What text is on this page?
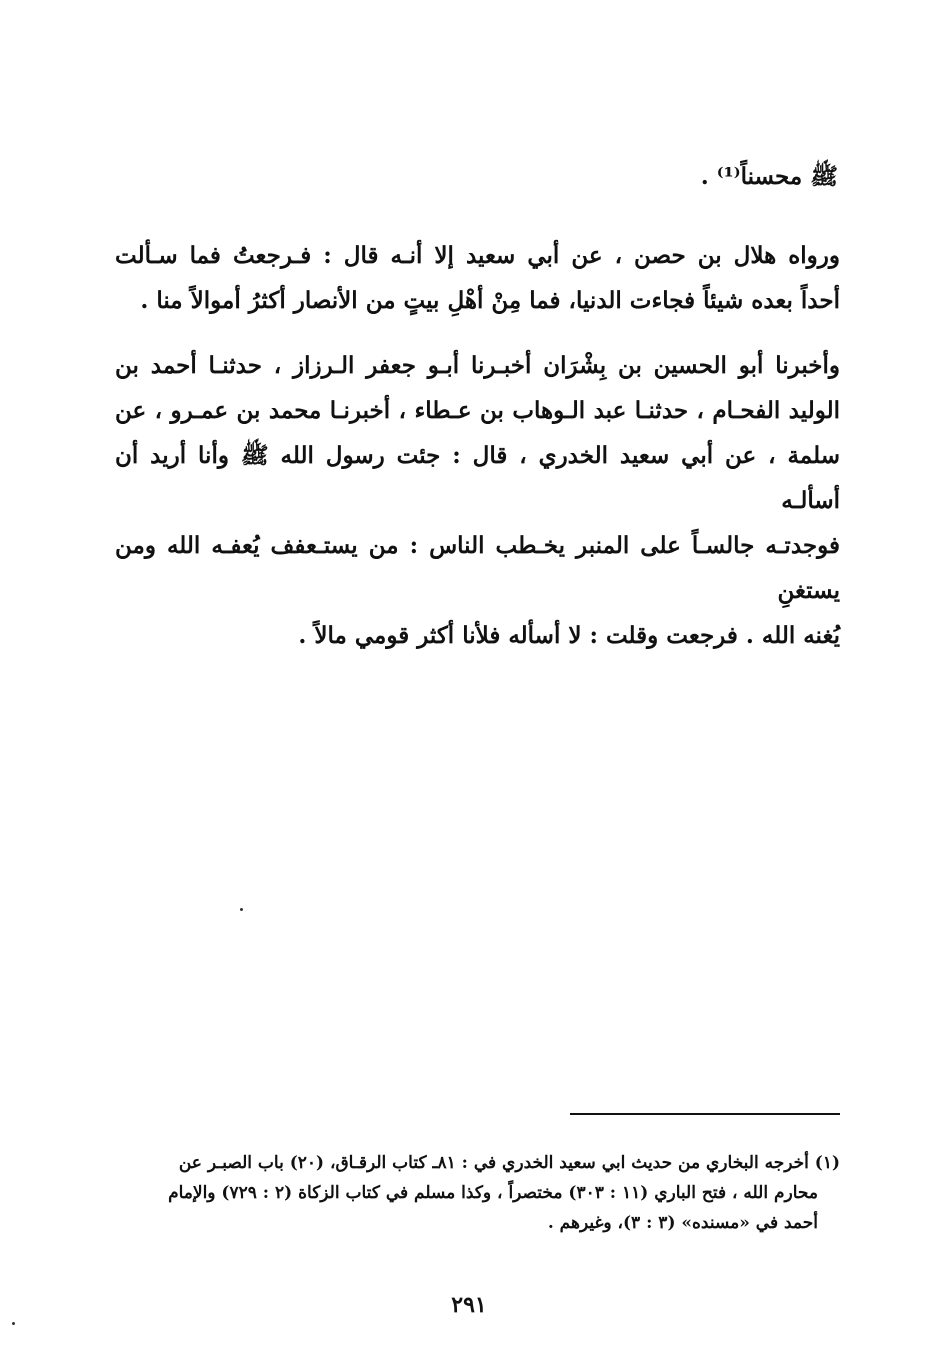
ﷺ محسناً⁽¹⁾ .
ورواه هلال بن حصن ، عن أبي سعيد إلا أنـه قال : فـرجعتُ فما سـألت
أحداً بعده شيئاً فجاءت الدنيا، فما مِنْ أهْلِ بيتٍ من الأنصار أكثرُ أموالاً منا .
وأخبرنا أبو الحسين بن بِشْرَان أخبـرنا أبـو جعفر الـرزاز ، حدثنـا أحمد بن
الوليد الفحـام ، حدثنـا عبد الـوهاب بن عـطاء ، أخبرنـا محمد بن عمـرو ، عن
سلمة ، عن أبي سعيد الخدري ، قال : جئت رسول الله ﷺ وأنا أريد أن أسألـه
فوجدتـه جالسـاً على المنبر يخـطب الناس : من يستـعفف يُعفـه الله ومن يستغنِ
يُغنه الله . فرجعت وقلت : لا أسأله فلأنا أكثر قومي مالاً .
(١) أخرجه البخاري من حديث ابي سعيد الخدري في : ٨١ـ كتاب الرقـاق، (٢٠) باب الصبـر عن
محارم الله ، فتح الباري (١١ : ٣٠٣) مختصراً ، وكذا مسلم في كتاب الزكاة (٢ : ٧٢٩) والإمام
أحمد في «مسنده» (٣ : ٣)، وغيرهم .
٢٩١
